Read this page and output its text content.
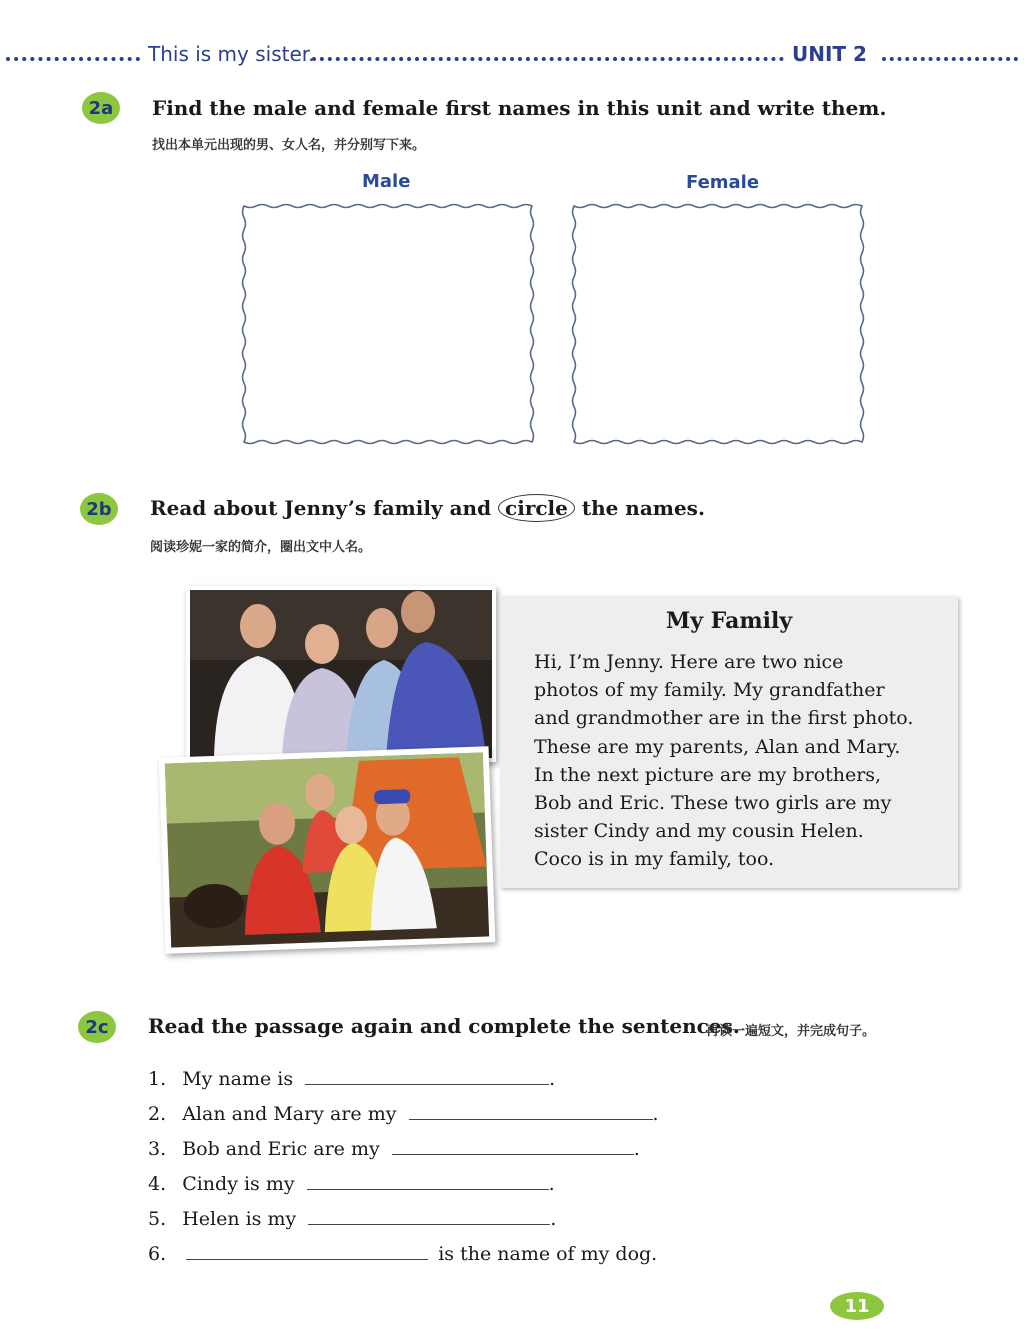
This is my sister.	UNIT 2
2a	Find the male and female first names in this unit and write them.
找出本单元出现的男、女人名，并分别写下来。
Male	Female
2b	Read about Jenny’s family and circle the names.
阅读珍妮一家的简介，圈出文中人名。
My Family
Hi, I’m Jenny. Here are two nice
photos of my family. My grandfather
and grandmother are in the first photo.
These are my parents, Alan and Mary.
In the next picture are my brothers,
Bob and Eric. These two girls are my
sister Cindy and my cousin Helen.
Coco is in my family, too.
2c	Read the passage again and complete the sentences.
再读一遍短文，并完成句子。
1. My name is	.
2. Alan and Mary are my	.
3. Bob and Eric are my	.
4. Cindy is my	.
5. Helen is my	.
6.	is the name of my dog.
11
